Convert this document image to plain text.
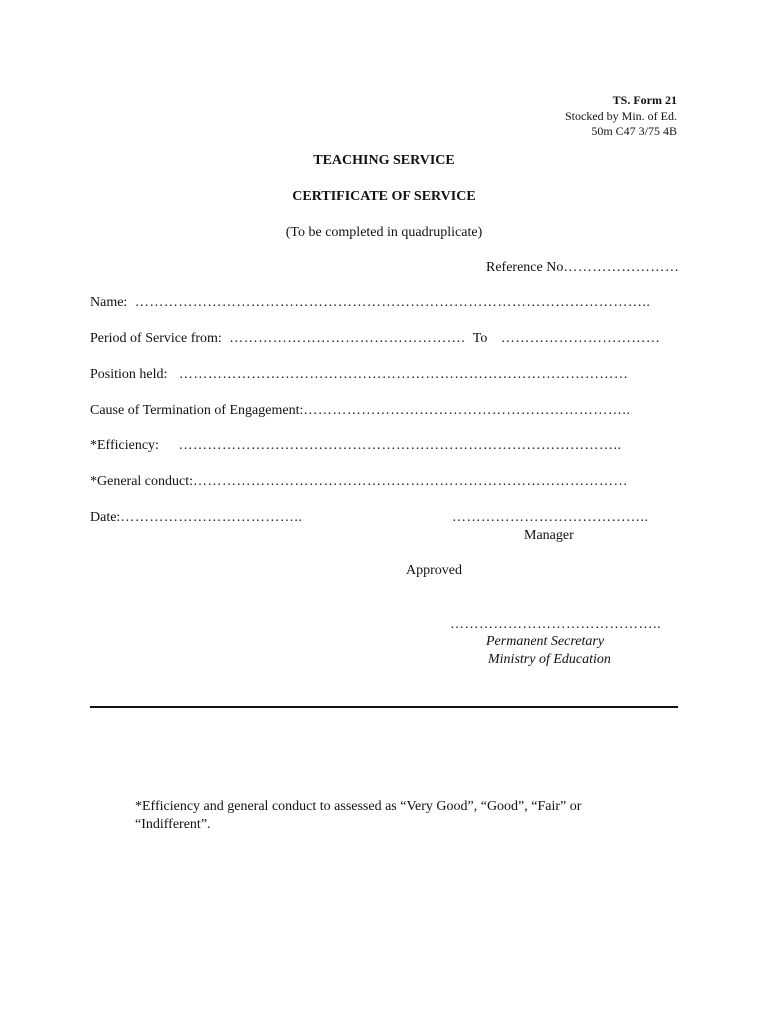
TS. Form 21
Stocked by Min. of Ed.
50m C47 3/75 4B
TEACHING SERVICE
CERTIFICATE OF SERVICE
(To be completed in quadruplicate)
Reference No……………………
Name: ……………………………………………………………………………………………..
Period of Service from: …………………………………………. To ……………………………
Position held: …………………………………………………………………………………
Cause of Termination of Engagement:…………………………………………………………..
*Efficiency: ………………………………………………………………………………..
*General conduct:………………………………………………………………………………
Date:………………………………..	…………………………………..
Manager
Approved
……………………………………..
Permanent Secretary
Ministry of Education
*Efficiency and general conduct to assessed as “Very Good”, “Good”, “Fair” or
“Indifferent”.
